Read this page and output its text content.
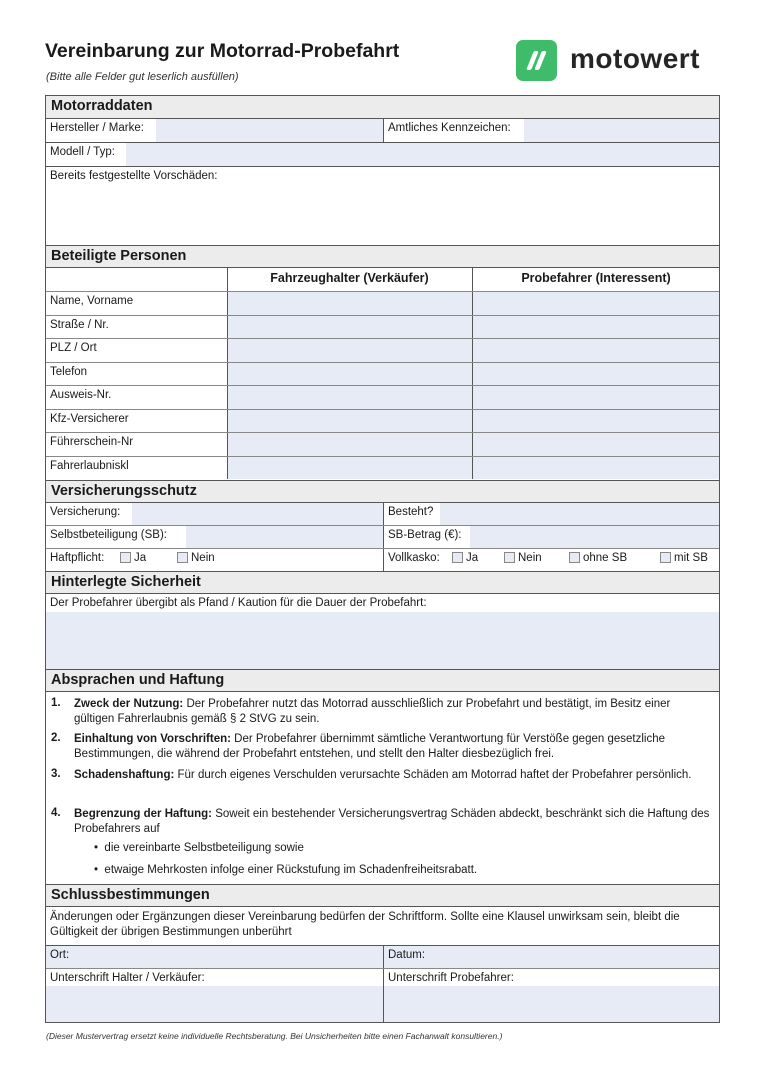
Vereinbarung zur Motorrad-Probefahrt
(Bitte alle Felder gut leserlich ausfüllen)
motowert
Motorraddaten
Hersteller / Marke:	Amtliches Kennzeichen:
Modell / Typ:
Bereits festgestellte Vorschäden:
Beteiligte Personen
Fahrzeughalter (Verkäufer)	Probefahrer (Interessent)
Name, Vorname
Straße / Nr.
PLZ / Ort
Telefon
Ausweis-Nr.
Kfz-Versicherer
Führerschein-Nr
Fahrerlaubniskl
Versicherungsschutz
Versicherung:	Besteht?
Selbstbeteiligung (SB):	SB-Betrag (€):
Haftpflicht:	Ja	Nein	Vollkasko:	Ja	Nein	ohne SB	mit SB
Hinterlegte Sicherheit
Der Probefahrer übergibt als Pfand / Kaution für die Dauer der Probefahrt:
Absprachen und Haftung
1. Zweck der Nutzung: Der Probefahrer nutzt das Motorrad ausschließlich zur Probefahrt und bestätigt, im Besitz einer gültigen Fahrerlaubnis gemäß § 2 StVG zu sein.
2. Einhaltung von Vorschriften: Der Probefahrer übernimmt sämtliche Verantwortung für Verstöße gegen gesetzliche Bestimmungen, die während der Probefahrt entstehen, und stellt den Halter diesbezüglich frei.
3. Schadenshaftung: Für durch eigenes Verschulden verursachte Schäden am Motorrad haftet der Probefahrer persönlich.
4. Begrenzung der Haftung: Soweit ein bestehender Versicherungsvertrag Schäden abdeckt, beschränkt sich die Haftung des Probefahrers auf
•  die vereinbarte Selbstbeteiligung sowie
•  etwaige Mehrkosten infolge einer Rückstufung im Schadenfreiheitsrabatt.
Schlussbestimmungen
Änderungen oder Ergänzungen dieser Vereinbarung bedürfen der Schriftform. Sollte eine Klausel unwirksam sein, bleibt die Gültigkeit der übrigen Bestimmungen unberührt
Ort:	Datum:
Unterschrift Halter / Verkäufer:	Unterschrift Probefahrer:
(Dieser Mustervertrag ersetzt keine individuelle Rechtsberatung. Bei Unsicherheiten bitte einen Fachanwalt konsultieren.)
